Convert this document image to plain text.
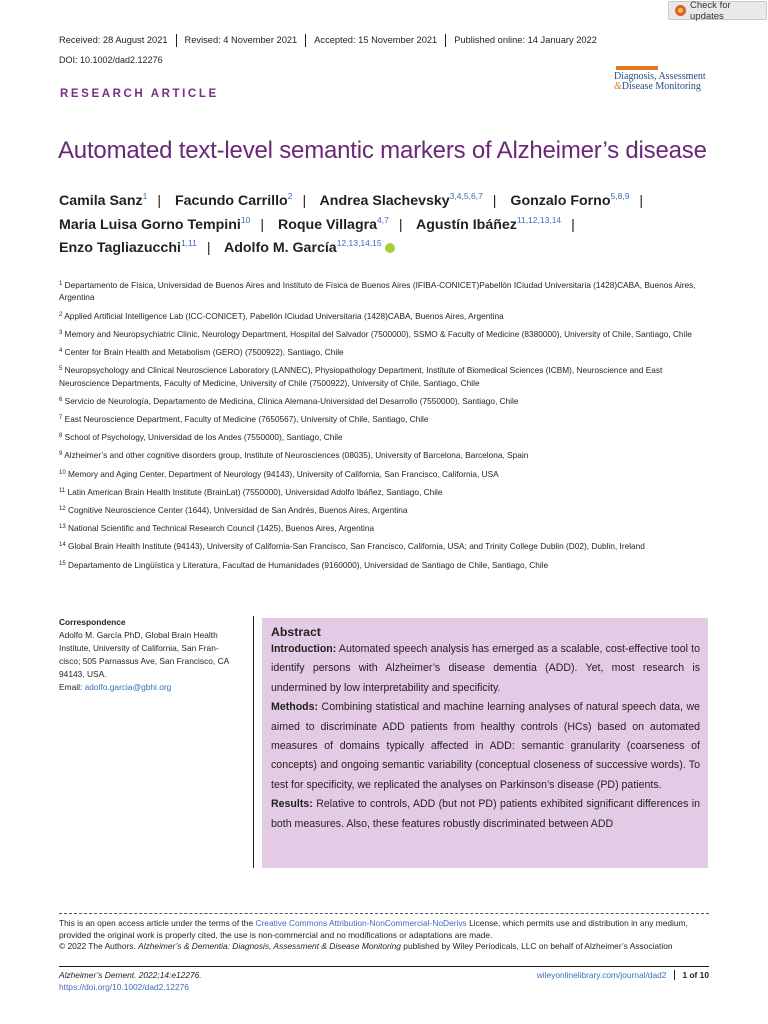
Check for updates
Received: 28 August 2021	Revised: 4 November 2021	Accepted: 15 November 2021	Published online: 14 January 2022
DOI: 10.1002/dad2.12276
Diagnosis, Assessment
&Disease Monitoring
RESEARCH ARTICLE
Automated text-level semantic markers of Alzheimer’s disease
Camila Sanz$^1$ | Facundo Carrillo$^2$ | Andrea Slachevsky$^{3,4,5,6,7}$ | Gonzalo Forno$^{5,8,9}$ |
Maria Luisa Gorno Tempini$^{10}$ | Roque Villagra$^{4,7}$ | Agustín Ibáñez$^{11,12,13,14}$ |
Enzo Tagliazucchi$^{1,11}$ | Adolfo M. García$^{12,13,14,15}$
$^1$ Departamento de Física, Universidad de Buenos Aires and Instituto de Física de Buenos Aires (IFIBA-CONICET)Pabellón ICiudad Universitaria (1428)CABA, Buenos Aires, Argentina
$^2$ Applied Artificial Intelligence Lab (ICC-CONICET), Pabellón ICiudad Universitaria (1428)CABA, Buenos Aires, Argentina
$^3$ Memory and Neuropsychiatric Clinic, Neurology Department, Hospital del Salvador (7500000), SSMO & Faculty of Medicine (8380000), University of Chile, Santiago, Chile
$^4$ Center for Brain Health and Metabolism (GERO) (7500922), Santiago, Chile
$^5$ Neuropsychology and Clinical Neuroscience Laboratory (LANNEC), Physiopathology Department, Institute of Biomedical Sciences (ICBM), Neuroscience and East Neuroscience Departments, Faculty of Medicine, University of Chile (7500922), University of Chile, Santiago, Chile
$^6$ Servicio de Neurología, Departamento de Medicina, Clínica Alemana-Universidad del Desarrollo (7550000), Santiago, Chile
$^7$ East Neuroscience Department, Faculty of Medicine (7650567), University of Chile, Santiago, Chile
$^8$ School of Psychology, Universidad de los Andes (7550000), Santiago, Chile
$^9$ Alzheimer’s and other cognitive disorders group, Institute of Neurosciences (08035), University of Barcelona, Barcelona, Spain
$^{10}$ Memory and Aging Center, Department of Neurology (94143), University of California, San Francisco, California, USA
$^{11}$ Latin American Brain Health Institute (BrainLat) (7550000), Universidad Adolfo Ibáñez, Santiago, Chile
$^{12}$ Cognitive Neuroscience Center (1644), Universidad de San Andrés, Buenos Aires, Argentina
$^{13}$ National Scientific and Technical Research Council (1425), Buenos Aires, Argentina
$^{14}$ Global Brain Health Institute (94143), University of California-San Francisco, San Francisco, California, USA; and Trinity College Dublin (D02), Dublin, Ireland
$^{15}$ Departamento de Lingüística y Literatura, Facultad de Humanidades (9160000), Universidad de Santiago de Chile, Santiago, Chile
Correspondence
Adolfo M. García PhD, Global Brain Health
Institute, University of California, San Fran-
cisco; 505 Parnassus Ave, San Francisco, CA
94143, USA.
Email: adolfo.garcia@gbhi.org
Abstract
Introduction: Automated speech analysis has emerged as a scalable, cost-effective tool to identify persons with Alzheimer’s disease dementia (ADD). Yet, most research is undermined by low interpretability and specificity.
Methods: Combining statistical and machine learning analyses of natural speech data, we aimed to discriminate ADD patients from healthy controls (HCs) based on automated measures of domains typically affected in ADD: semantic granularity (coarseness of concepts) and ongoing semantic variability (conceptual closeness of successive words). To test for specificity, we replicated the analyses on Parkinson’s disease (PD) patients.
Results: Relative to controls, ADD (but not PD) patients exhibited significant differences in both measures. Also, these features robustly discriminated between ADD
This is an open access article under the terms of the Creative Commons Attribution-NonCommercial-NoDerivs License, which permits use and distribution in any medium, provided the original work is properly cited, the use is non-commercial and no modifications or adaptations are made.
© 2022 The Authors. Alzheimer’s & Dementia: Diagnosis, Assessment & Disease Monitoring published by Wiley Periodicals, LLC on behalf of Alzheimer’s Association
Alzheimer’s Dement. 2022;14:e12276.
https://doi.org/10.1002/dad2.12276
wileyonlinelibrary.com/journal/dad2	1 of 10
